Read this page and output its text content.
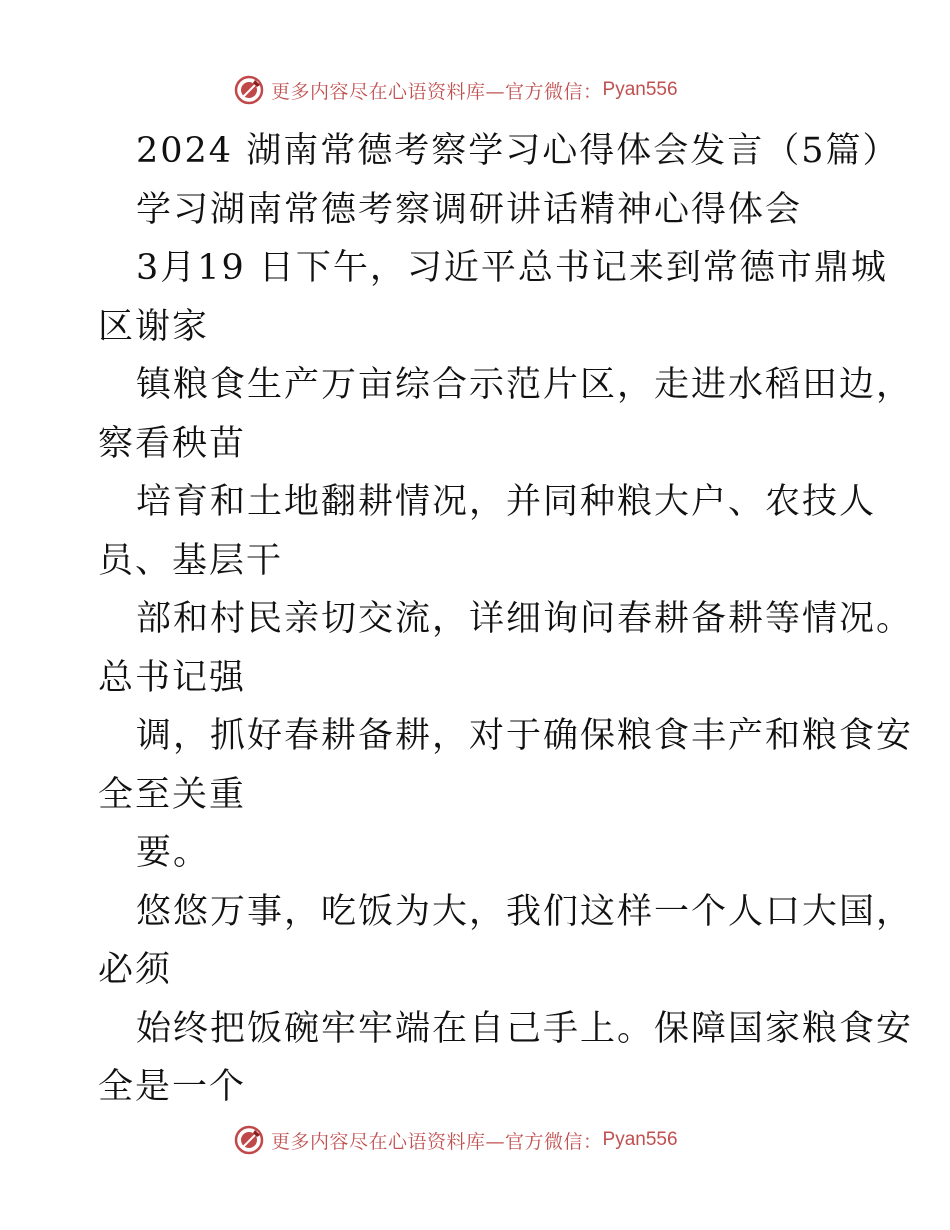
更多内容尽在心语资料库—官方微信： Pyan556

2024 湖南常德考察学习心得体会发言（5篇）

学习湖南常德考察调研讲话精神心得体会

3月19 日下午，习近平总书记来到常德市鼎城

区谢家

镇粮食生产万亩综合示范片区，走进水稻田边，

察看秧苗

培育和土地翻耕情况，并同种粮大户、农技人

员、基层干

部和村民亲切交流，详细询问春耕备耕等情况。

总书记强

调，抓好春耕备耕，对于确保粮食丰产和粮食安

全至关重

要。

悠悠万事，吃饭为大，我们这样一个人口大国，

必须

始终把饭碗牢牢端在自己手上。保障国家粮食安

全是一个

更多内容尽在心语资料库—官方微信： Pyan556
